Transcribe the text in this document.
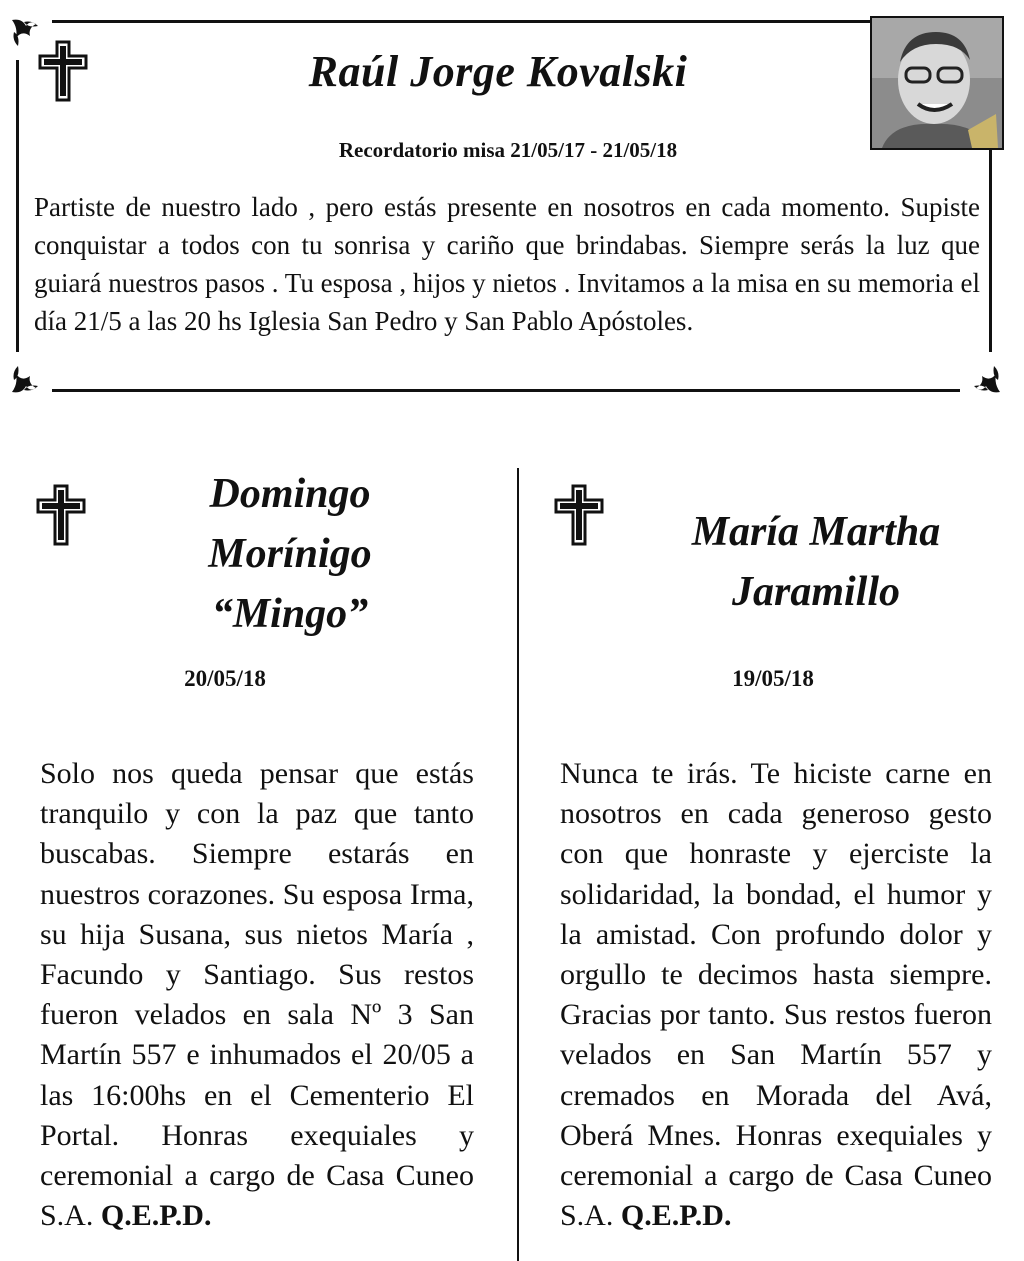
Raúl Jorge Kovalski

Recordatorio misa 21/05/17 - 21/05/18

Partiste de nuestro lado , pero estás presente en nosotros en cada momento. Supiste conquistar a todos con tu sonrisa y cariño que brindabas. Siempre serás la luz que guiará nuestros pasos . Tu esposa , hijos y nietos . Invitamos a la misa en su memoria el día 21/5 a las 20 hs Iglesia San Pedro y San Pablo Apóstoles.

Domingo
Morínigo
“Mingo”

20/05/18

Solo nos queda pensar que estás tranquilo y con la paz que tanto buscabas. Siempre estarás en nuestros corazones. Su esposa Irma, su hija Susana, sus nietos María , Facundo y Santiago. Sus restos fueron velados en sala Nº 3 San Martín 557 e inhumados el 20/05 a las 16:00hs en el Cementerio El Portal. Honras exequiales y ceremonial a cargo de Casa Cuneo S.A. Q.E.P.D.

María Martha
Jaramillo

19/05/18

Nunca te irás. Te hiciste carne en nosotros en cada generoso gesto con que honraste y ejerciste la solidaridad, la bondad, el humor y la amistad. Con profundo dolor y orgullo te decimos hasta siempre. Gracias por tanto. Sus restos fueron velados en San Martín 557 y cremados en Morada del Avá, Oberá Mnes. Honras exequiales y ceremonial a cargo de Casa Cuneo S.A. Q.E.P.D.
